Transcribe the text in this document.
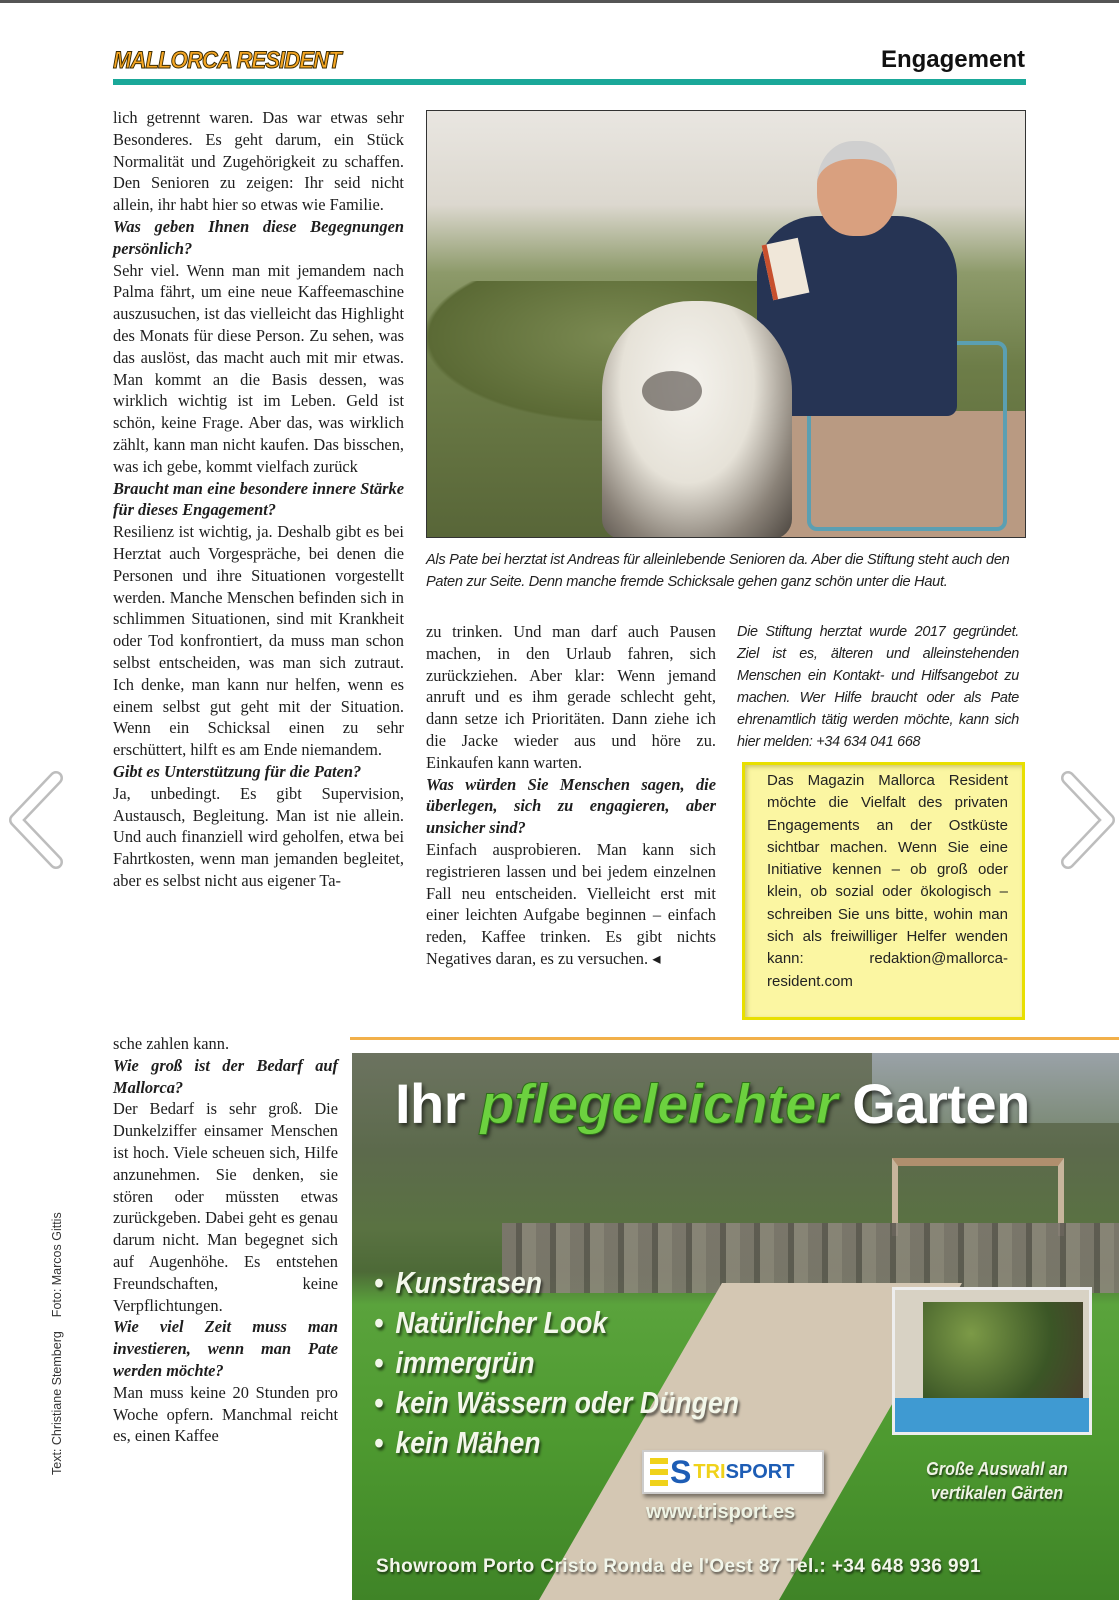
MALLORCA RESIDENT	Engagement

lich getrennt waren. Das war etwas sehr Besonderes. Es geht darum, ein Stück Normalität und Zugehörigkeit zu schaffen. Den Senioren zu zeigen: Ihr seid nicht allein, ihr habt hier so etwas wie Familie.

Was geben Ihnen diese Begegnungen persönlich?

Sehr viel. Wenn man mit jemandem nach Palma fährt, um eine neue Kaffeemaschine auszusuchen, ist das vielleicht das Highlight des Monats für diese Person. Zu sehen, was das auslöst, das macht auch mit mir etwas. Man kommt an die Basis dessen, was wirklich wichtig ist im Leben. Geld ist schön, keine Frage. Aber das, was wirklich zählt, kann man nicht kaufen. Das bisschen, was ich gebe, kommt vielfach zurück

Braucht man eine besondere innere Stärke für dieses Engagement?

Resilienz ist wichtig, ja. Deshalb gibt es bei Herztat auch Vorgespräche, bei denen die Personen und ihre Situationen vorgestellt werden. Manche Menschen befinden sich in schlimmen Situationen, sind mit Krankheit oder Tod konfrontiert, da muss man schon selbst entscheiden, was man sich zutraut. Ich denke, man kann nur helfen, wenn es einem selbst gut geht mit der Situation. Wenn ein Schicksal einen zu sehr erschüttert, hilft es am Ende niemandem.

Gibt es Unterstützung für die Paten?

Ja, unbedingt. Es gibt Supervision, Austausch, Begleitung. Man ist nie allein. Und auch finanziell wird geholfen, etwa bei Fahrtkosten, wenn man jemanden begleitet, aber es selbst nicht aus eigener Ta-

sche zahlen kann.

Wie groß ist der Bedarf auf Mallorca?

Der Bedarf is sehr groß. Die Dunkelziffer einsamer Menschen ist hoch. Viele scheuen sich, Hilfe anzunehmen. Sie denken, sie stören oder müssten etwas zurückgeben. Dabei geht es genau darum nicht. Man begegnet sich auf Augenhöhe. Es entstehen Freundschaften, keine Verpflichtungen.

Wie viel Zeit muss man investieren, wenn man Pate werden möchte?

Man muss keine 20 Stunden pro Woche opfern. Manchmal reicht es, einen Kaffee

Als Pate bei herztat ist Andreas für alleinlebende Senioren da. Aber die Stiftung steht auch den Paten zur Seite. Denn manche fremde Schicksale gehen ganz schön unter die Haut.

zu trinken. Und man darf auch Pausen machen, in den Urlaub fahren, sich zurückziehen. Aber klar: Wenn jemand anruft und es ihm gerade schlecht geht, dann setze ich Prioritäten. Dann ziehe ich die Jacke wieder aus und höre zu. Einkaufen kann warten.

Was würden Sie Menschen sagen, die überlegen, sich zu engagieren, aber unsicher sind?

Einfach ausprobieren. Man kann sich registrieren lassen und bei jedem einzelnen Fall neu entscheiden. Vielleicht erst mit einer leichten Aufgabe beginnen – einfach reden, Kaffee trinken. Es gibt nichts Negatives daran, es zu versuchen. ◂

Die Stiftung herztat wurde 2017 gegründet. Ziel ist es, älteren und alleinstehenden Menschen ein Kontakt- und Hilfsangebot zu machen. Wer Hilfe braucht oder als Pate ehrenamtlich tätig werden möchte, kann sich hier melden: +34 634 041 668
Das Magazin Mallorca Resident möchte die Vielfalt des privaten Engagements an der Ostküste sichtbar machen. Wenn Sie eine Initiative kennen – ob groß oder klein, ob sozial oder ökologisch – schreiben Sie uns bitte, wohin man sich als freiwilliger Helfer wenden kann: redaktion@mallorca-resident.com
Ihr pflegeleichter Garten
• Kunstrasen
• Natürlicher Look
• immergrün
• kein Wässern oder Düngen
• kein Mähen
S TRI SPORT
www.trisport.es
Große Auswahl an vertikalen Gärten
Showroom Porto Cristo Ronda de l'Oest 87 Tel.: +34 648 936 991
Text: Christiane StembergFoto: Marcos Gittis
